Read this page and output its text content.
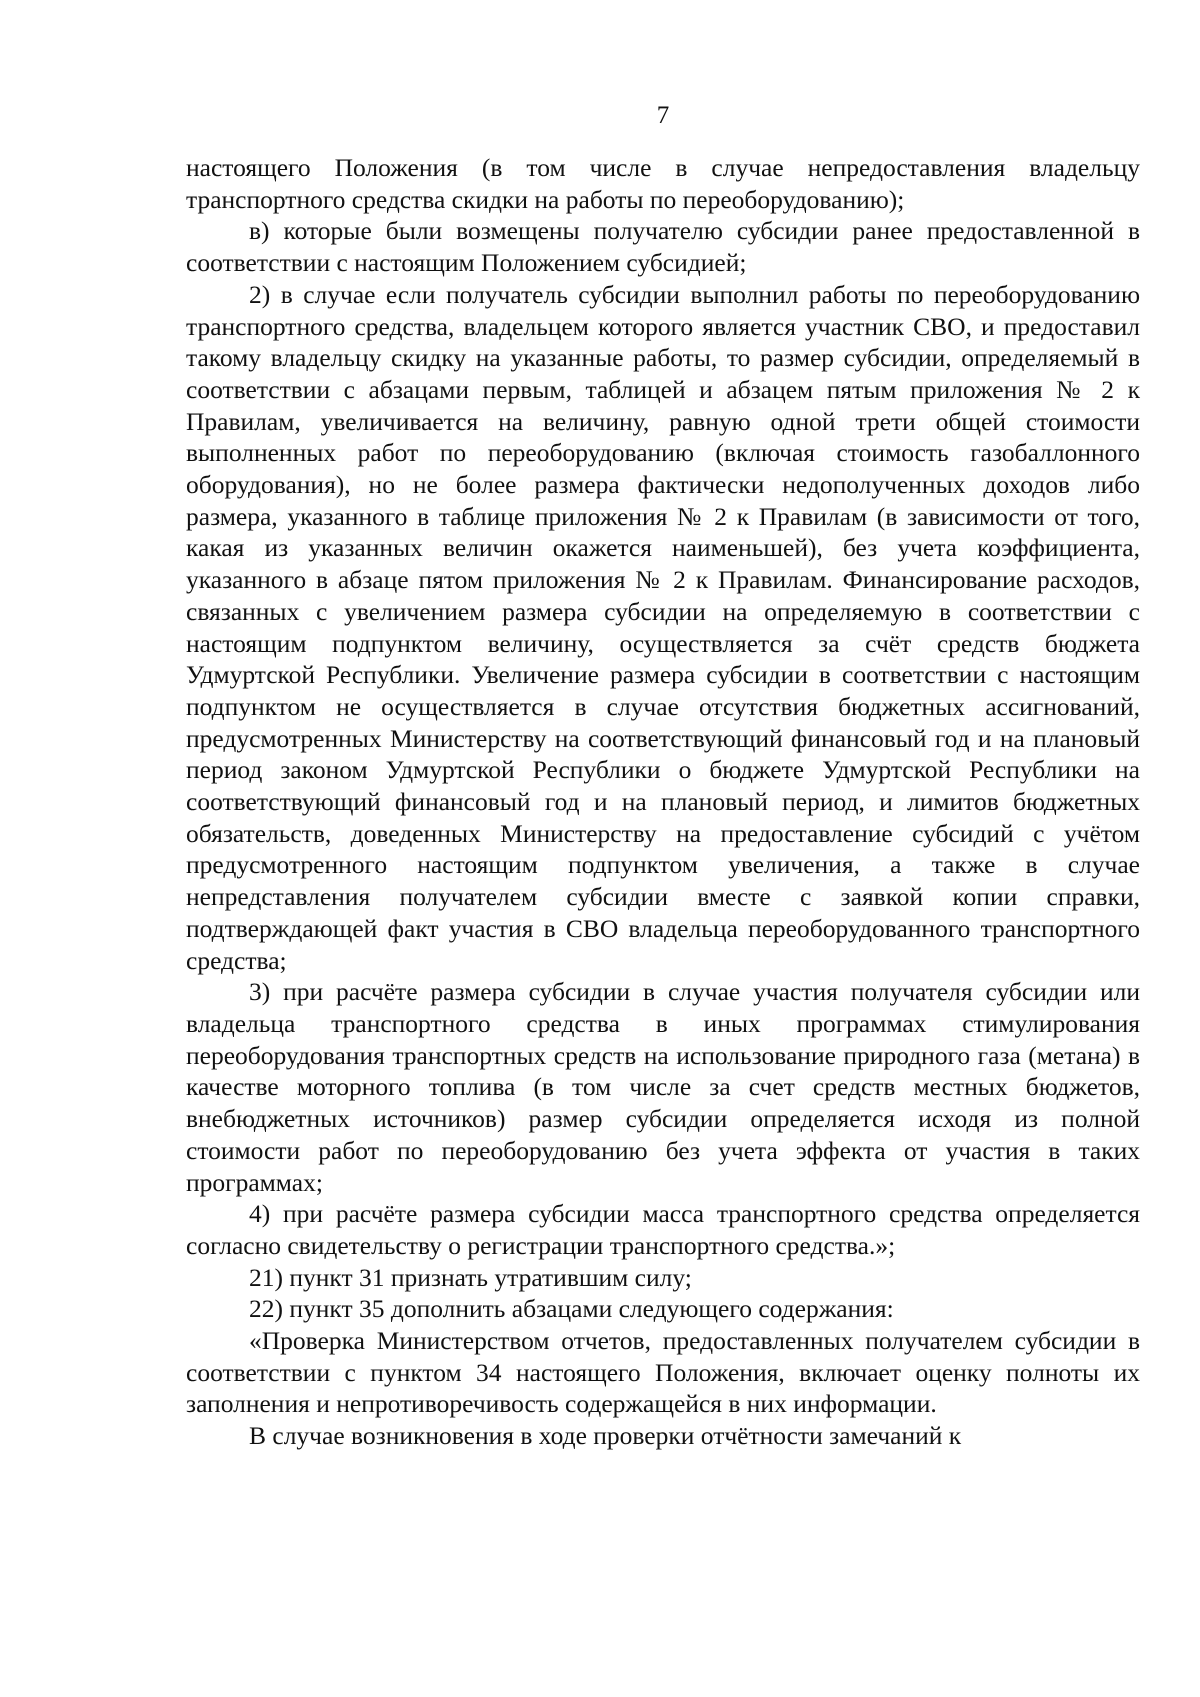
7

настоящего Положения (в том числе в случае непредоставления владельцу транспортного средства скидки на работы по переоборудованию);

в) которые были возмещены получателю субсидии ранее предоставленной в соответствии с настоящим Положением субсидией;

2) в случае если получатель субсидии выполнил работы по переоборудованию транспортного средства, владельцем которого является участник СВО, и предоставил такому владельцу скидку на указанные работы, то размер субсидии, определяемый в соответствии с абзацами первым, таблицей и абзацем пятым приложения № 2 к Правилам, увеличивается на величину, равную одной трети общей стоимости выполненных работ по переоборудованию (включая стоимость газобаллонного оборудования), но не более размера фактически недополученных доходов либо размера, указанного в таблице приложения № 2 к Правилам (в зависимости от того, какая из указанных величин окажется наименьшей), без учета коэффициента, указанного в абзаце пятом приложения № 2 к Правилам. Финансирование расходов, связанных с увеличением размера субсидии на определяемую в соответствии с настоящим подпунктом величину, осуществляется за счёт средств бюджета Удмуртской Республики. Увеличение размера субсидии в соответствии с настоящим подпунктом не осуществляется в случае отсутствия бюджетных ассигнований, предусмотренных Министерству на соответствующий финансовый год и на плановый период законом Удмуртской Республики о бюджете Удмуртской Республики на соответствующий финансовый год и на плановый период, и лимитов бюджетных обязательств, доведенных Министерству на предоставление субсидий с учётом предусмотренного настоящим подпунктом увеличения, а также в случае непредставления получателем субсидии вместе с заявкой копии справки, подтверждающей факт участия в СВО владельца переоборудованного транспортного средства;

3) при расчёте размера субсидии в случае участия получателя субсидии или владельца транспортного средства в иных программах стимулирования переоборудования транспортных средств на использование природного газа (метана) в качестве моторного топлива (в том числе за счет средств местных бюджетов, внебюджетных источников) размер субсидии определяется исходя из полной стоимости работ по переоборудованию без учета эффекта от участия в таких программах;

4) при расчёте размера субсидии масса транспортного средства определяется согласно свидетельству о регистрации транспортного средства.»;

21) пункт 31 признать утратившим силу;

22) пункт 35 дополнить абзацами следующего содержания:

«Проверка Министерством отчетов, предоставленных получателем субсидии в соответствии с пунктом 34 настоящего Положения, включает оценку полноты их заполнения и непротиворечивость содержащейся в них информации.

В случае возникновения в ходе проверки отчётности замечаний к
